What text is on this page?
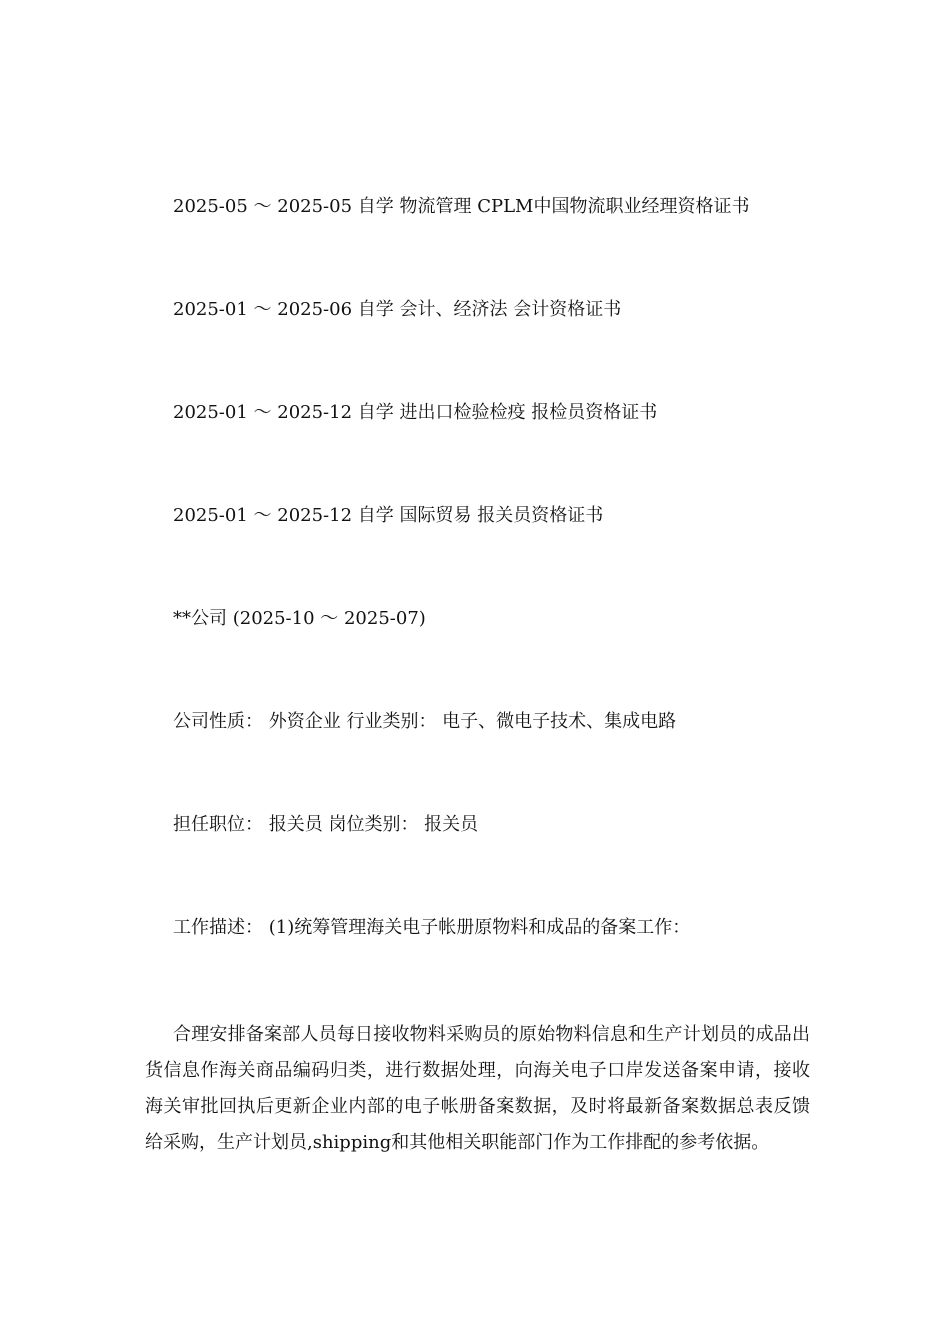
2025-05 ～ 2025-05 自学 物流管理 CPLM中国物流职业经理资格证书
2025-01 ～ 2025-06 自学 会计、经济法 会计资格证书
2025-01 ～ 2025-12 自学 进出口检验检疫 报检员资格证书
2025-01 ～ 2025-12 自学 国际贸易 报关员资格证书
**公司 (2025-10 ～ 2025-07)
公司性质： 外资企业 行业类别： 电子、微电子技术、集成电路
担任职位： 报关员 岗位类别： 报关员
工作描述： (1)统筹管理海关电子帐册原物料和成品的备案工作：
合理安排备案部人员每日接收物料采购员的原始物料信息和生产计划员的成品出货信息作海关商品编码归类，进行数据处理，向海关电子口岸发送备案申请，接收海关审批回执后更新企业内部的电子帐册备案数据，及时将最新备案数据总表反馈给采购，生产计划员,shipping和其他相关职能部门作为工作排配的参考依据。
